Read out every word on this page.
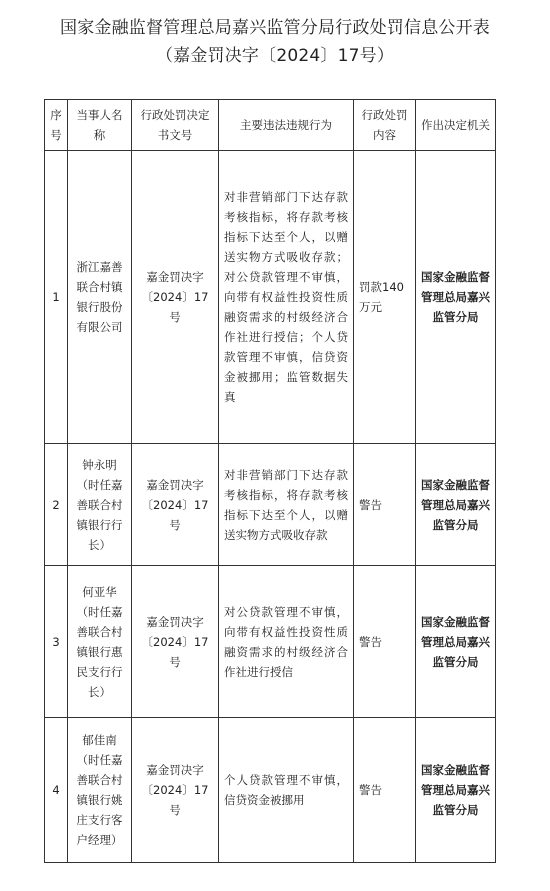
国家金融监督管理总局嘉兴监管分局行政处罚信息公开表
（嘉金罚决字〔2024〕17号）
序号	当事人名称	行政处罚决定书文号	主要违法违规行为	行政处罚内容	作出决定机关
1	浙江嘉善联合村镇银行股份有限公司	嘉金罚决字〔2024〕17号	对非营销部门下达存款考核指标，将存款考核指标下达至个人，以赠送实物方式吸收存款；对公贷款管理不审慎，向带有权益性投资性质融资需求的村级经济合作社进行授信；个人贷款管理不审慎，信贷资金被挪用；监管数据失真	罚款140万元	国家金融监督管理总局嘉兴监管分局
2	钟永明（时任嘉善联合村镇银行行长）	嘉金罚决字〔2024〕17号	对非营销部门下达存款考核指标，将存款考核指标下达至个人，以赠送实物方式吸收存款	警告	国家金融监督管理总局嘉兴监管分局
3	何亚华（时任嘉善联合村镇银行惠民支行行长）	嘉金罚决字〔2024〕17号	对公贷款管理不审慎，向带有权益性投资性质融资需求的村级经济合作社进行授信	警告	国家金融监督管理总局嘉兴监管分局
4	郁佳南（时任嘉善联合村镇银行姚庄支行客户经理）	嘉金罚决字〔2024〕17号	个人贷款管理不审慎，信贷资金被挪用	警告	国家金融监督管理总局嘉兴监管分局
